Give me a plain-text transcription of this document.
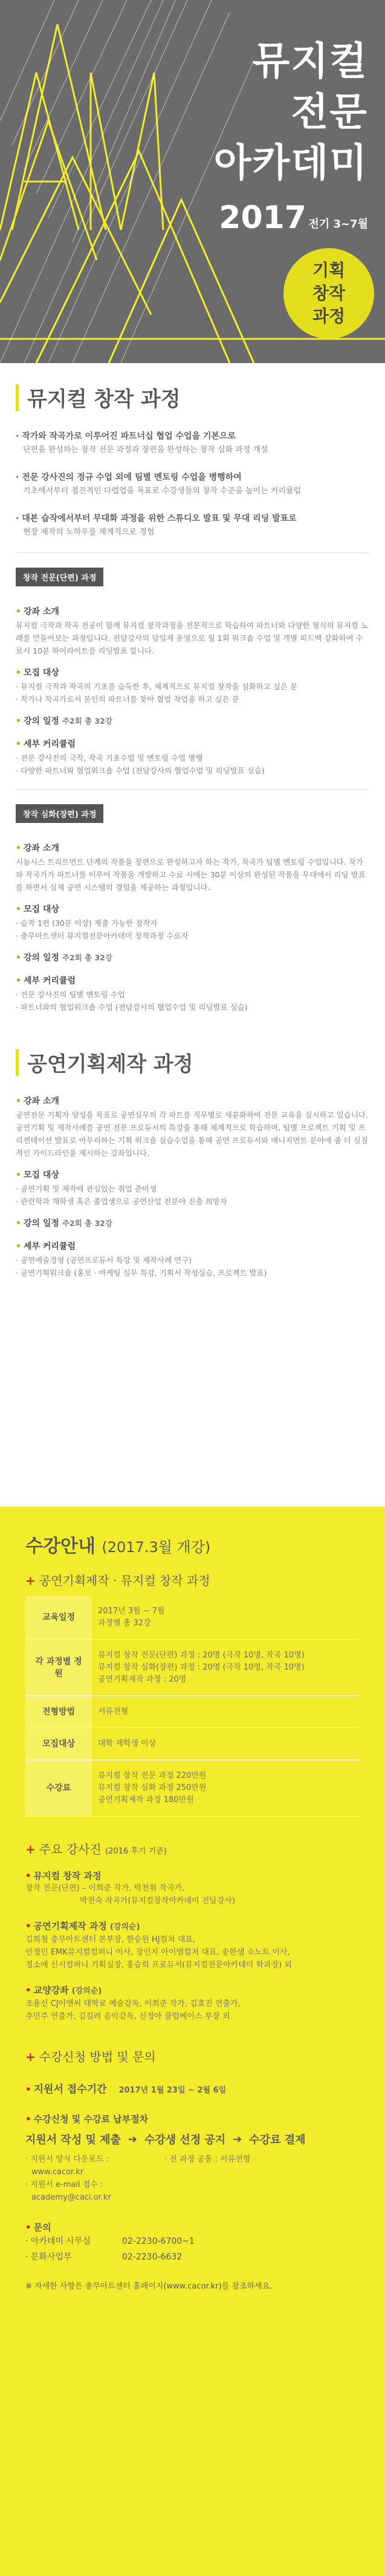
뮤지컬
전문
아카데미
2017 전기 3~7월
기획
창작
과정
뮤지컬 창작 과정
· 작가와 작곡가로 이루어진 파트너십 협업 수업을 기본으로
단편을 완성하는 창작 전문 과정과 장편을 완성하는 창작 심화 과정 개설
· 전문 강사진의 정규 수업 외에 팀별 멘토링 수업을 병행하여
기초에서부터 점진적인 다렙업을 목표로 수강생들의 창작 수준을 높이는 커리큘럼
· 대본 습작에서부터 무대화 과정을 위한 스튜디오 발표 및 무대 리딩 발표로
현장 제작의 노하우를 체계적으로 경험
창작 전문(단편) 과정
• 강좌 소개
뮤지컬 극작과 작곡 전공이 함께 뮤지컬 창작과정을 전문적으로 학습하여 파트너와 다양한 형식의 뮤지컬 노래를 만들어보는 과정입니다. 전담강사의 담임제 운영으로 월 1회 워크숍 수업 및 개별 피드백 강화하여 수료시 10분 하이라이트를 리딩발표 합니다.
• 모집 대상
· 뮤지컬 극작과 작곡의 기초를 습득한 후, 체계적으로 뮤지컬 창작을 심화하고 싶은 분
· 작가나 작곡가로서 본인의 파트너를 찾아 협업 작업을 하고 싶은 분
• 강의 일정 주2회 총 32강
• 세부 커리큘럼
· 전문 강사진의 극작, 작곡 기초수업 및 멘토링 수업 병행
· 다양한 파트너와 협업워크숍 수업 (전담강사의 협업수업 및 리딩발표 실습)
창작 심화(장편) 과정
• 강좌 소개
시놉시스 트리트먼트 단계의 작품을 장편으로 완성하고자 하는 작가, 작곡가 팀별 멘토링 수업입니다. 작가와 작곡가가 파트너를 이루어 작품을 개발하고 수료 시에는 30분 이상의 완성된 작품을 무대에서 리딩 발표를 하면서 실제 공연 시스템의 경험을 제공하는 과정입니다.
• 모집 대상
· 습작 1편 (30분 이상) 제출 가능한 창작자
· 충무아트센터 뮤지컬전문아카데미 창작과정 수료자
• 강의 일정 주2회 총 32강
• 세부 커리큘럼
· 전문 강사진의 팀별 멘토링 수업
· 파트너와의 협업워크숍 수업 (전담강사의 협업수업 및 리딩발표 실습)
공연기획제작 과정
• 강좌 소개
공연전문 기획자 양성을 목표로 공연실무의 각 파트를 직무별로 세분화하여 전문 교육을 실시하고 있습니다. 공연기획 및 제작사례를 공연 전문 프로듀서의 특강을 통해 체계적으로 학습하며, 팀별 프로젝트 기획 및 프리젠테이션 발표로 마무리하는 기획 워크숍 실습수업을 통해 공연 프로듀서와 매니지먼트 분야에 좀 더 실질적인 가이드라인을 제시하는 강좌입니다.
• 모집 대상
· 공연기획 및 제작에 관심있는 취업 준비생
· 관련학과 재학생 혹은 졸업생으로 공연산업 전분야 진출 희망자
• 강의 일정 주2회 총 32강
• 세부 커리큘럼
· 공연예술경영 (공연프로듀서 특강 및 제작사례 연구)
· 공연기획워크숍 (홍보 · 마케팅 실무 특강, 기획서 작성실습, 프로젝트 발표)
수강안내 (2017.3월 개강)
+ 공연기획제작 · 뮤지컬 창작 과정
교육일정	2017년 3월 ~ 7월
과정별 총 32강

각 과정별 정원	뮤지컬 창작 전문(단편) 과정 : 20명 (극작 10명, 작곡 10명)
뮤지컬 창작 심화(장편) 과정 : 20명 (극작 10명, 작곡 10명)
공연기획제작 과정 : 20명

전형방법	서류전형

모집대상	대학 재학생 이상

수강료	뮤지컬 창작 전문 과정 220만원
뮤지컬 창작 심화 과정 250만원
공연기획제작 과정 180만원
+ 주요 강사진 (2016 후기 기준)
• 뮤지컬 창작 과정
창작 전문(단편) – 이희준 작가, 박천휘 작곡가,
박천숙 작곡가(뮤지컬창작아카데미 전담강사)
• 공연기획제작 과정 (강의순)
김희철 충무아트센터 본부장, 한승원 HJ컬쳐 대표,
안정민 EMK뮤지컬컴퍼니 이사, 장인지 아이엠컬처 대표, 송한샘 쇼노트 이사,
정소애 신시컴퍼니 기획실장, 홍승희 프로듀서(뮤지컬전문아카데미 학과장) 외
• 교양강좌 (강의순)
조용신 CJ이앤씨 대학로 예술감독, 이희준 작가, 김효진 연출가,
추민주 연출가, 김길려 음악감독, 신정아 클럽베이스 부장 외
+ 수강신청 방법 및 문의
• 지원서 접수기간 2017년 1월 23일 ~ 2월 6일
• 수강신청 및 수강료 납부절차
지원서 작성 및 제출 ➔ 수강생 선정 공지 ➔ 수강료 결제
· 지원서 양식 다운로드 :
www.cacor.kr
· 지원서 e-mail 접수 :
academy@caci.or.kr
· 전 과정 공통 : 서류전형
• 문의
· 아카데미 사무실	02-2230-6700~1
· 문화사업부	02-2230-6632
※ 자세한 사항은 충무아트센터 홈페이지(www.cacor.kr)를 참조하세요.
